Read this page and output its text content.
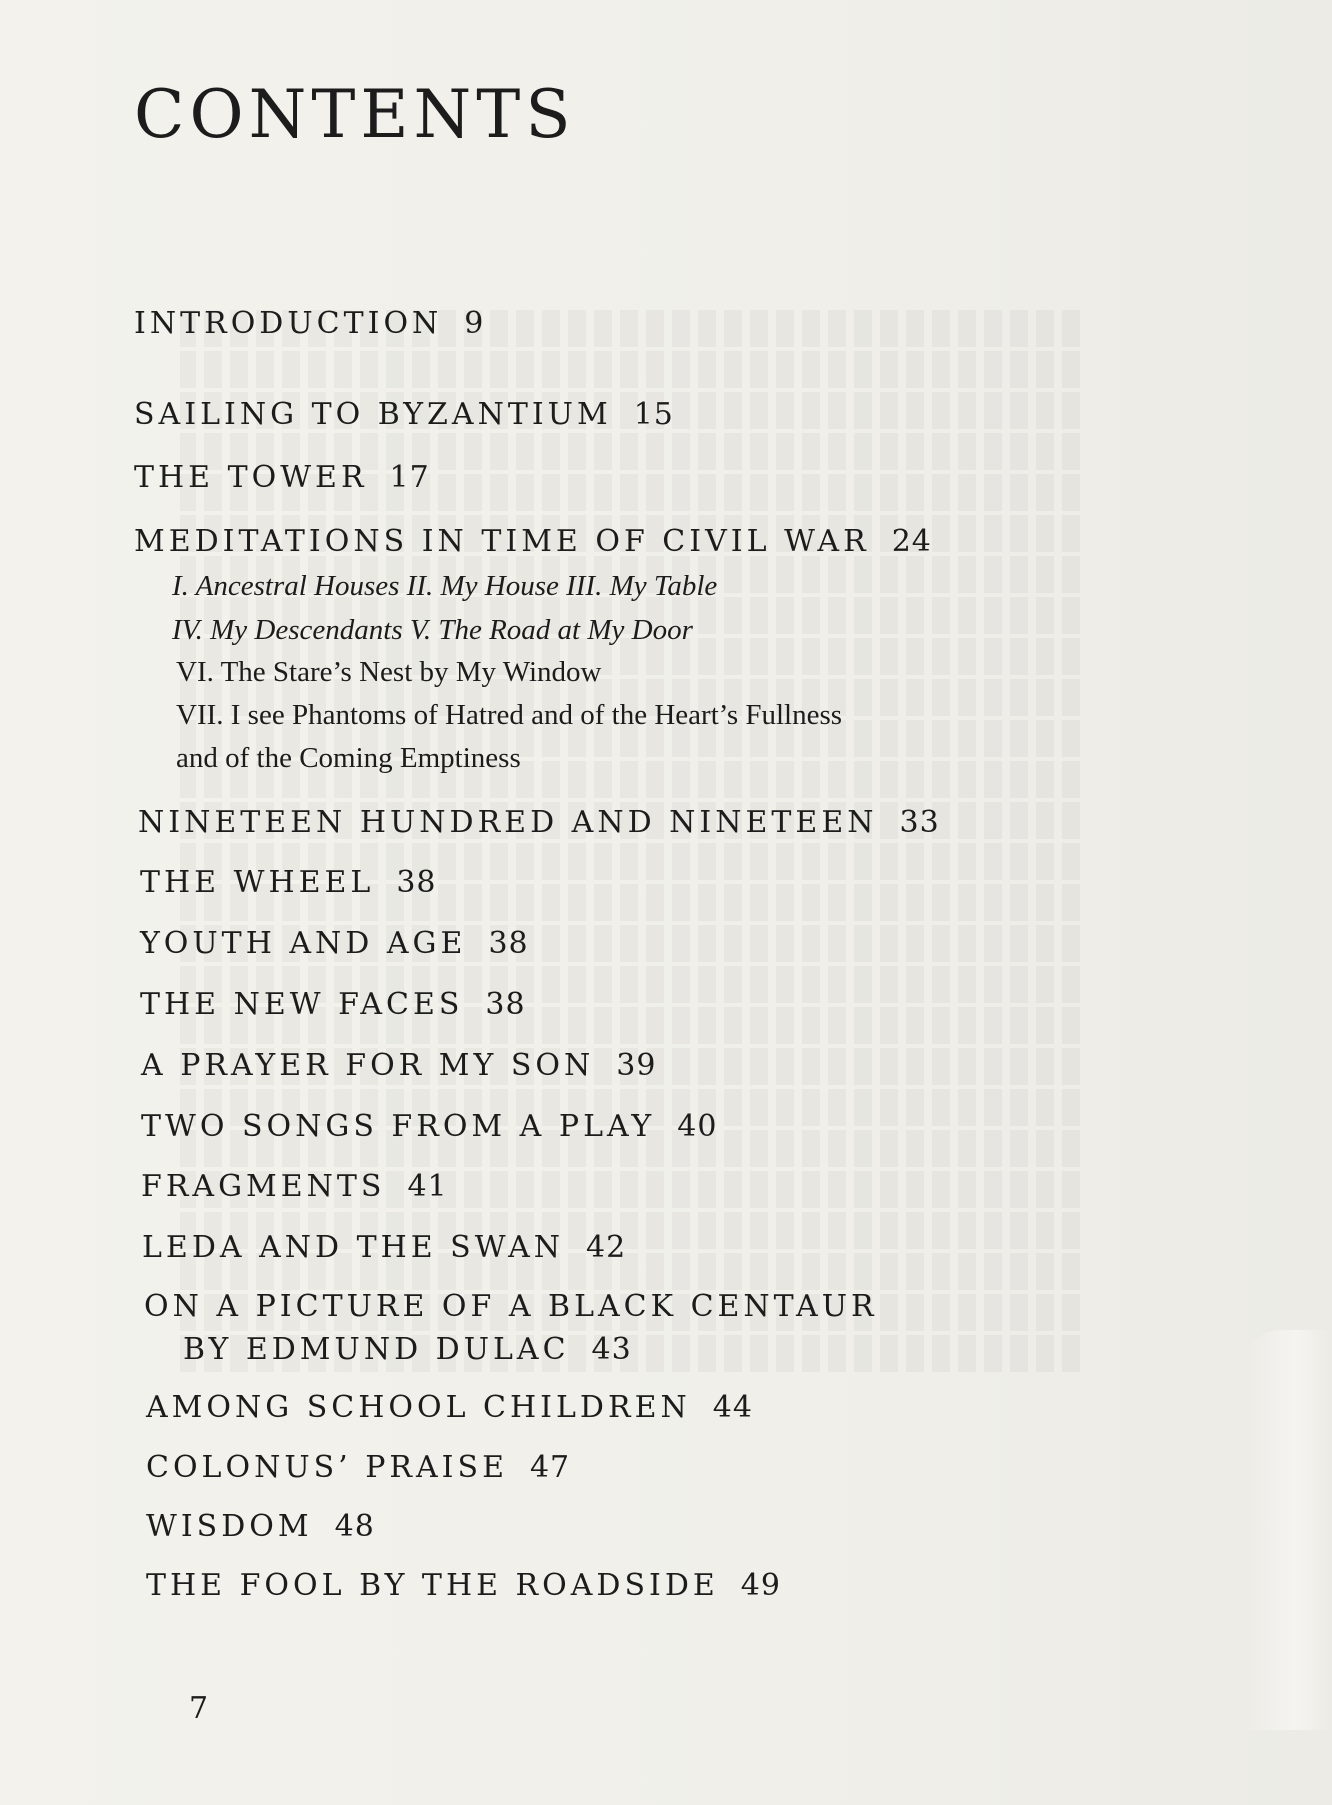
CONTENTS
INTRODUCTION 9
SAILING TO BYZANTIUM 15
THE TOWER 17
MEDITATIONS IN TIME OF CIVIL WAR 24
I. Ancestral Houses II. My House III. My Table
IV. My Descendants V. The Road at My Door
VI. The Stare’s Nest by My Window
VII. I see Phantoms of Hatred and of the Heart’s Fullness
and of the Coming Emptiness
NINETEEN HUNDRED AND NINETEEN 33
THE WHEEL 38
YOUTH AND AGE 38
THE NEW FACES 38
A PRAYER FOR MY SON 39
TWO SONGS FROM A PLAY 40
FRAGMENTS 41
LEDA AND THE SWAN 42
ON A PICTURE OF A BLACK CENTAUR
BY EDMUND DULAC 43
AMONG SCHOOL CHILDREN 44
COLONUS’ PRAISE 47
WISDOM 48
THE FOOL BY THE ROADSIDE 49
7
